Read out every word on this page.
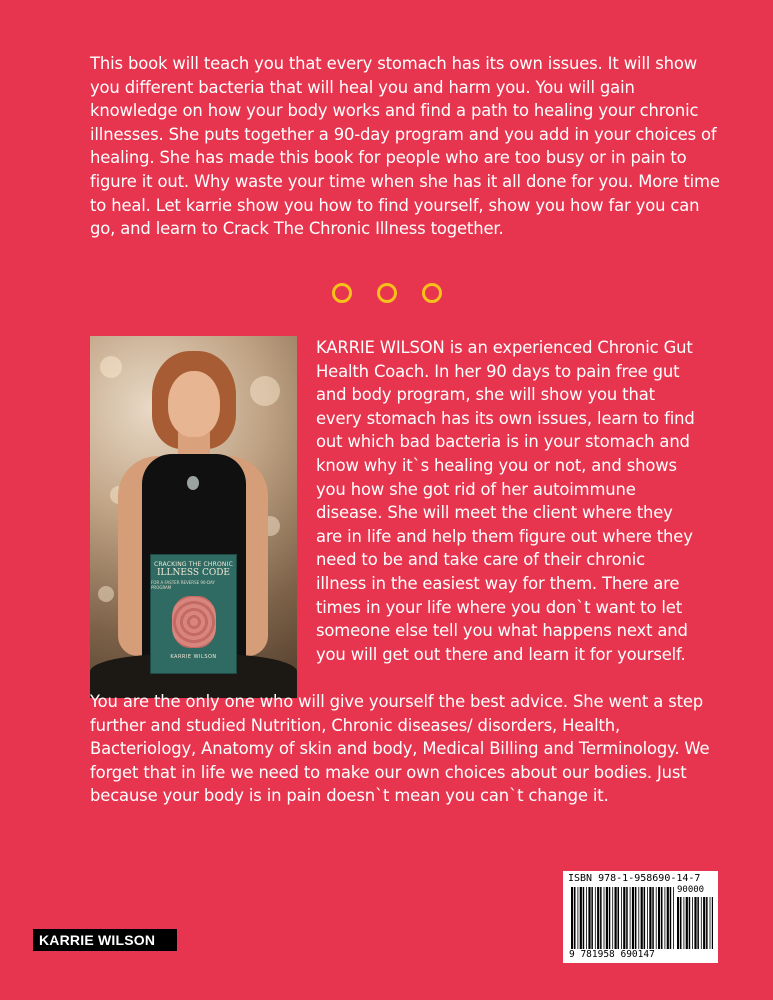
This book will teach you that every stomach has its own issues. It will show you different bacteria that will heal you and harm you. You will gain knowledge on how your body works and find a path to healing your chronic illnesses. She puts together a 90-day program and you add in your choices of healing. She has made this book for people who are too busy or in pain to figure it out. Why waste your time when she has it all done for you. More time to heal. Let karrie show you how to find yourself, show you how far you can go, and learn to Crack The Chronic Illness together.

CRACKING THE CHRONIC
ILLNESS CODE
FOR A FASTER REVERSE 90-DAY PROGRAM
KARRIE WILSON

KARRIE WILSON is an experienced Chronic Gut Health Coach. In her 90 days to pain free gut and body program, she will show you that every stomach has its own issues, learn to find out which bad bacteria is in your stomach and know why it`s healing you or not, and shows you how she got rid of her autoimmune disease. She will meet the client where they are in life and help them figure out where they need to be and take care of their chronic illness in the easiest way for them. There are times in your life where you don`t want to let someone else tell you what happens next and you will get out there and learn it for yourself.

You are the only one who will give yourself the best advice. She went a step further and studied Nutrition, Chronic diseases/ disorders, Health, Bacteriology, Anatomy of skin and body, Medical Billing and Terminology. We forget that in life we need to make our own choices about our bodies. Just because your body is in pain doesn`t mean you can`t change it.

KARRIE WILSON
ISBN 978-1-958690-14-7
90000
9 781958 690147
